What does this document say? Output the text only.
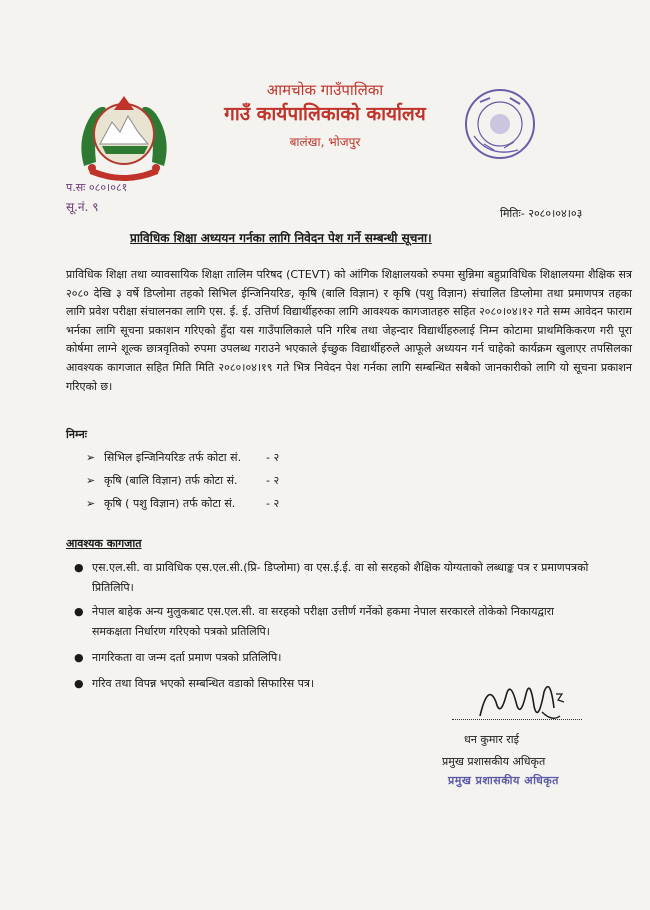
आमचोक गाउँपालिका
गाउँ कार्यपालिकाको कार्यालय
बालंखा, भोजपुर
प.सः ०८०।०८१
सू.नं. ९	मितिः- २०८०।०४।०३
प्राविधिक शिक्षा अध्ययन गर्नका लागि निवेदन पेश गर्ने सम्बन्धी सूचना।
प्राविधिक शिक्षा तथा व्यावसायिक शिक्षा तालिम परिषद (CTEVT) को आंगिक शिक्षालयको रुपमा सुन्निमा बहुप्राविधिक शिक्षालयमा शैक्षिक सत्र २०८० देखि ३ वर्षे डिप्लोमा तहको सिभिल ईन्जिनियरिङ, कृषि (बालि विज्ञान) र कृषि (पशु विज्ञान) संचालित डिप्लोमा तथा प्रमाणपत्र तहका लागि प्रवेश परीक्षा संचालनका लागि एस. ई. ई. उत्तिर्ण विद्यार्थीहरुका लागि आवश्यक कागजातहरु सहित २०८०।०४।१२ गते सम्म आवेदन फाराम भर्नका लागि सूचना प्रकाशन गरिएको हुँदा यस गाउँपालिकाले पनि गरिब तथा जेहन्दार विद्यार्थीहरुलाई निम्न कोटामा प्राथमिकिकरण गरी पूरा कोर्षमा लाग्ने शूल्क छात्रवृतिको रुपमा उपलब्ध गराउने भएकाले ईच्छुक विद्यार्थीहरुले आफूले अध्ययन गर्न चाहेको कार्यक्रम खुलाएर तपसिलका आवश्यक कागजात सहित मिति मिति २०८०।०४।१९ गते भित्र निवेदन पेश गर्नका लागि सम्बन्धित सबैको जानकारीको लागि यो सूचना प्रकाशन गरिएको छ।
निम्नः
➢ सिभिल इन्जिनियरिङ तर्फ कोटा सं. - २
➢ कृषि (बालि विज्ञान) तर्फ कोटा सं.	- २
➢ कृषि ( पशु विज्ञान) तर्फ कोटा सं.	- २
आवश्यक कागजात
● एस.एल.सी. वा प्राविधिक एस.एल.सी.(प्रि- डिप्लोमा) वा एस.ई.ई. वा सो सरहको शैक्षिक योग्यताको लब्धाङ्क पत्र र प्रमाणपत्रको प्रितिलिपि।
● नेपाल बाहेक अन्य मुलुकबाट एस.एल.सी. वा सरहको परीक्षा उत्तीर्ण गर्नेको हकमा नेपाल सरकारले तोकेको निकायद्वारा समकक्षता निर्धारण गरिएको पत्रको प्रतिलिपि।
● नागरिकता वा जन्म दर्ता प्रमाण पत्रको प्रतिलिपि।
● गरिव तथा विपन्न भएको सम्बन्धित वडाको सिफारिस पत्र।
धन कुमार राई
प्रमुख प्रशासकीय अधिकृत
प्रमुख प्रशासकीय अधिकृत
